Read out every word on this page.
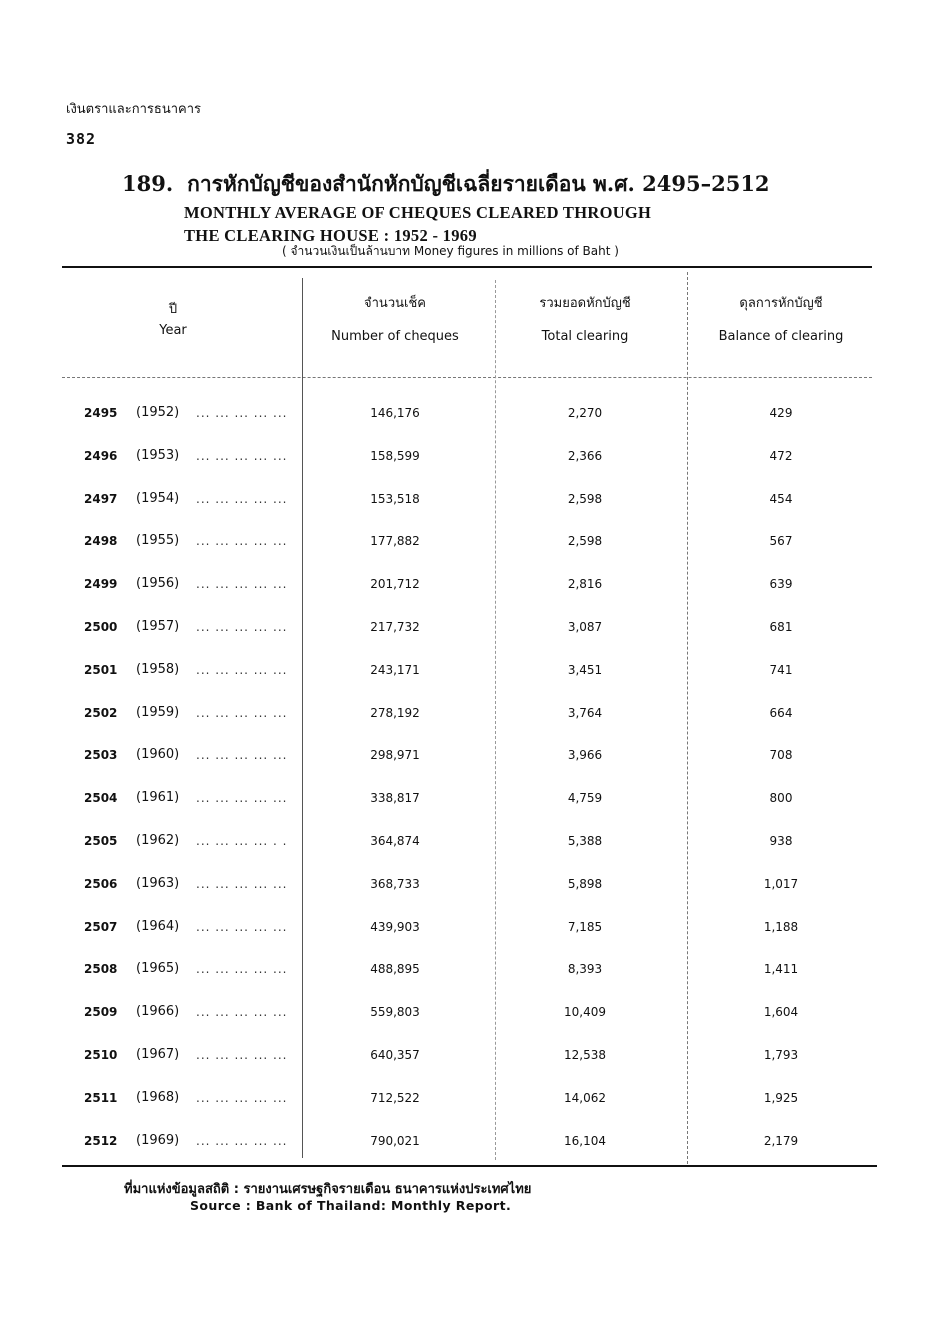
เงินตราและการธนาคาร
382
189. การหักบัญชีของสำนักหักบัญชีเฉลี่ยรายเดือน พ.ศ. 2495–2512
MONTHLY AVERAGE OF CHEQUES CLEARED THROUGH
THE CLEARING HOUSE : 1952 - 1969
( จำนวนเงินเป็นล้านบาท Money figures in millions of Baht )
ปี
Year
จำนวนเช็ค
Number of cheques
รวมยอดหักบัญชี
Total clearing
ดุลการหักบัญชี
Balance of clearing
2495 (1952) ... ... ... ... ...	146,176	2,270	429
2496 (1953) ... ... ... ... ...	158,599	2,366	472
2497 (1954) ... ... ... ... ...	153,518	2,598	454
2498 (1955) ... ... ... ... ...	177,882	2,598	567
2499 (1956) ... ... ... ... ...	201,712	2,816	639
2500 (1957) ... ... ... ... ...	217,732	3,087	681
2501 (1958) ... ... ... ... ...	243,171	3,451	741
2502 (1959) ... ... ... ... ...	278,192	3,764	664
2503 (1960) ... ... ... ... ...	298,971	3,966	708
2504 (1961) ... ... ... ... ...	338,817	4,759	800
2505 (1962) ... ... ... ... . .	364,874	5,388	938
2506 (1963) ... ... ... ... ...	368,733	5,898	1,017
2507 (1964) ... ... ... ... ...	439,903	7,185	1,188
2508 (1965) ... ... ... ... ...	488,895	8,393	1,411
2509 (1966) ... ... ... ... ...	559,803	10,409	1,604
2510 (1967) ... ... ... ... ...	640,357	12,538	1,793
2511 (1968) ... ... ... ... ...	712,522	14,062	1,925
2512 (1969) ... ... ... ... ...	790,021	16,104	2,179
ที่มาแห่งข้อมูลสถิติ : รายงานเศรษฐกิจรายเดือน ธนาคารแห่งประเทศไทย
Source : Bank of Thailand: Monthly Report.
